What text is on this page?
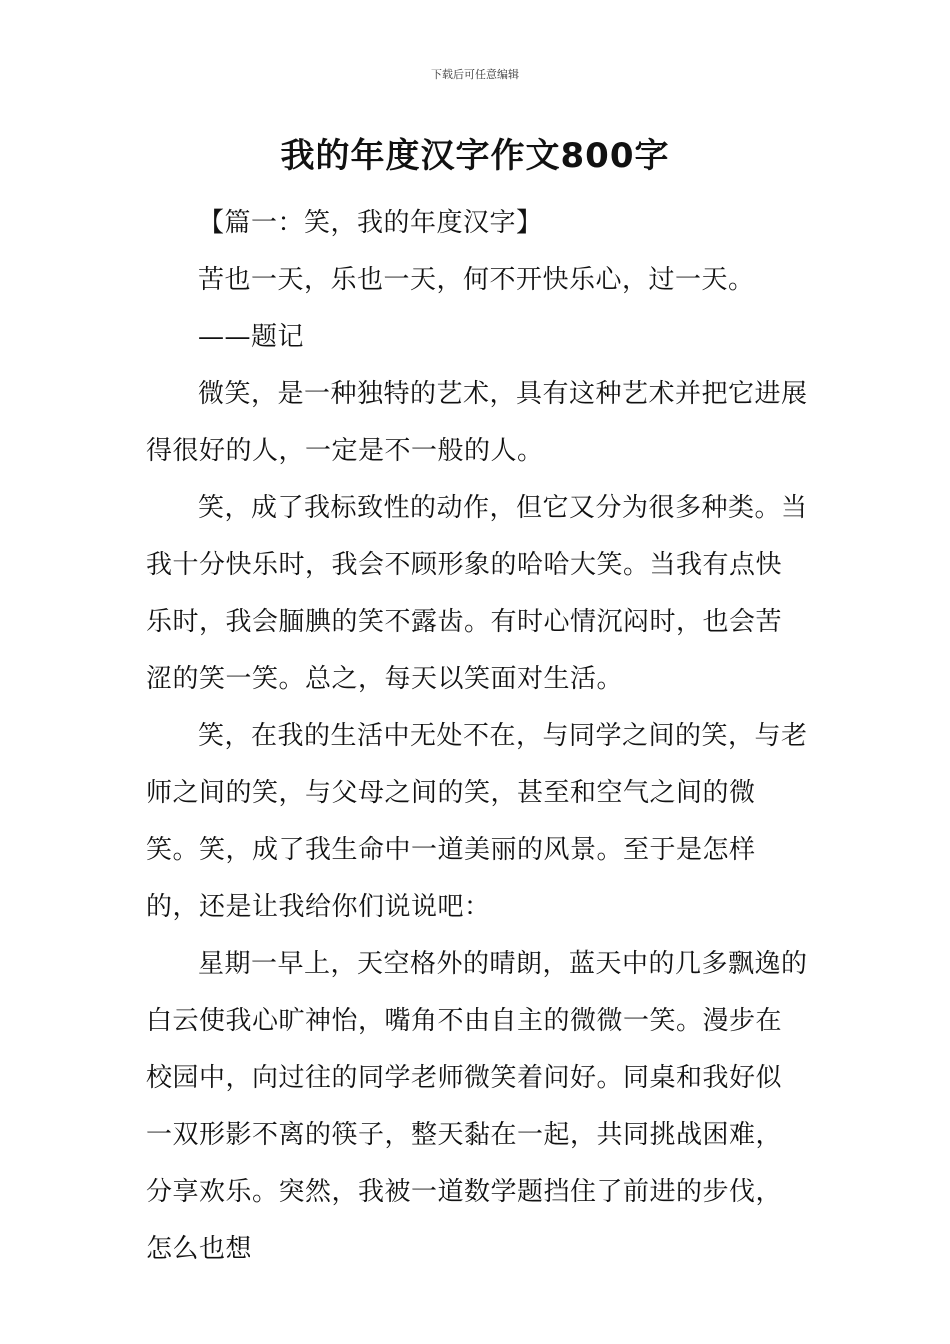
下载后可任意编辑
我的年度汉字作文800字

【篇一：笑，我的年度汉字】

苦也一天，乐也一天，何不开快乐心，过一天。

——题记

微笑，是一种独特的艺术，具有这种艺术并把它进展得很好的人，一定是不一般的人。

笑，成了我标致性的动作，但它又分为很多种类。当我十分快乐时，我会不顾形象的哈哈大笑。当我有点快乐时，我会腼腆的笑不露齿。有时心情沉闷时，也会苦涩的笑一笑。总之，每天以笑面对生活。

笑，在我的生活中无处不在，与同学之间的笑，与老师之间的笑，与父母之间的笑，甚至和空气之间的微笑。笑，成了我生命中一道美丽的风景。至于是怎样的，还是让我给你们说说吧：

星期一早上，天空格外的晴朗，蓝天中的几多飘逸的白云使我心旷神怡，嘴角不由自主的微微一笑。漫步在校园中，向过往的同学老师微笑着问好。同桌和我好似一双形影不离的筷子，整天黏在一起，共同挑战困难，分享欢乐。突然，我被一道数学题挡住了前进的步伐，怎么也想
